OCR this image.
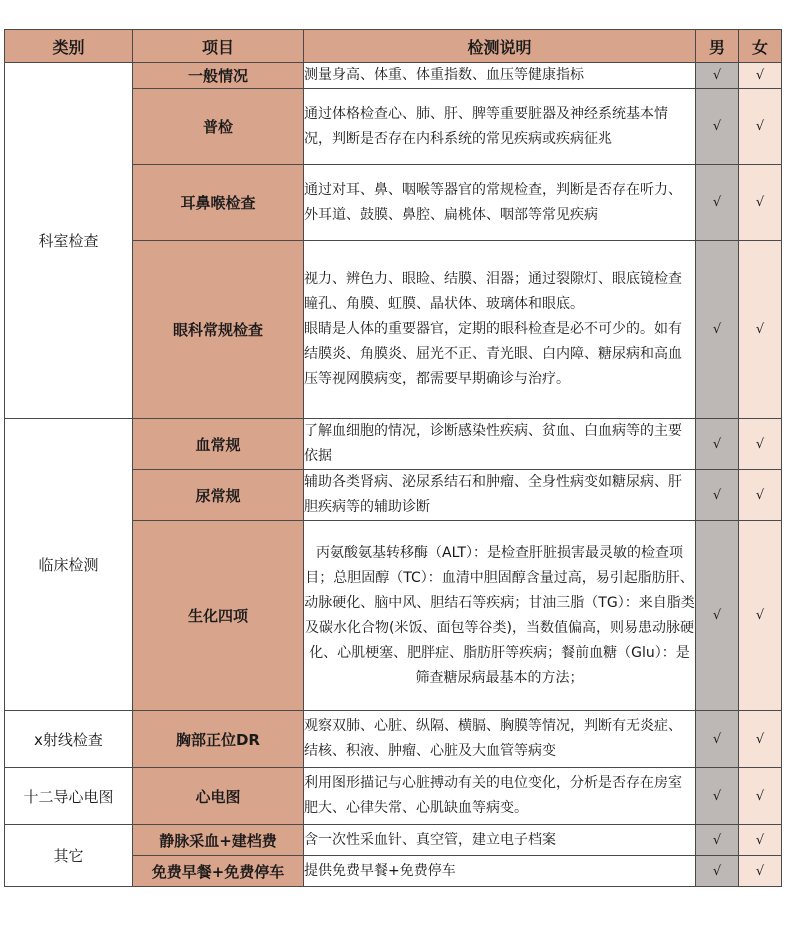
类别	项目	检测说明	男	女
科室检查	一般情况	测量身高、体重、体重指数、血压等健康指标	√	√
	普检	通过体格检查心、肺、肝、脾等重要脏器及神经系统基本情况，判断是否存在内科系统的常见疾病或疾病征兆	√	√
	耳鼻喉检查	通过对耳、鼻、咽喉等器官的常规检查，判断是否存在听力、外耳道、鼓膜、鼻腔、扁桃体、咽部等常见疾病	√	√
	眼科常规检查	视力、辨色力、眼睑、结膜、泪器；通过裂隙灯、眼底镜检查瞳孔、角膜、虹膜、晶状体、玻璃体和眼底。
眼睛是人体的重要器官，定期的眼科检查是必不可少的。如有结膜炎、角膜炎、屈光不正、青光眼、白内障、糖尿病和高血压等视网膜病变，都需要早期确诊与治疗。	√	√
临床检测	血常规	了解血细胞的情况，诊断感染性疾病、贫血、白血病等的主要依据	√	√
	尿常规	辅助各类肾病、泌尿系结石和肿瘤、全身性病变如糖尿病、肝胆疾病等的辅助诊断	√	√
	生化四项	丙氨酸氨基转移酶（ALT）：是检查肝脏损害最灵敏的检查项目；总胆固醇（TC）：血清中胆固醇含量过高，易引起脂肪肝、动脉硬化、脑中风、胆结石等疾病；甘油三脂（TG）：来自脂类及碳水化合物(米饭、面包等谷类)，当数值偏高，则易患动脉硬化、心肌梗塞、肥胖症、脂肪肝等疾病；餐前血糖（Glu）：是筛查糖尿病最基本的方法；	√	√
x射线检查	胸部正位DR	观察双肺、心脏、纵隔、横膈、胸膜等情况，判断有无炎症、结核、积液、肿瘤、心脏及大血管等病变	√	√
十二导心电图	心电图	利用图形描记与心脏搏动有关的电位变化，分析是否存在房室肥大、心律失常、心肌缺血等病变。	√	√
其它	静脉采血+建档费	含一次性采血针、真空管，建立电子档案	√	√
	免费早餐+免费停车	提供免费早餐+免费停车	√	√
